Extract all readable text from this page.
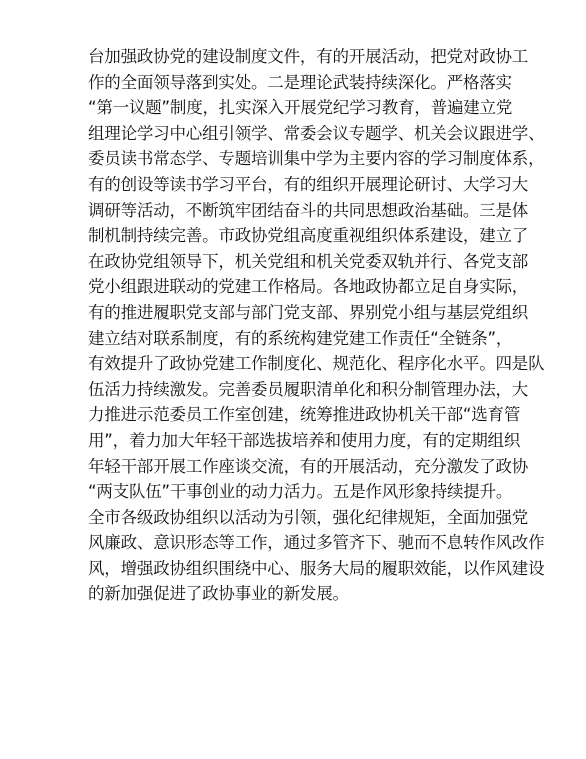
台加强政协党的建设制度文件，有的开展活动，把党对政协工
作的全面领导落到实处。二是理论武装持续深化。严格落实
“第一议题”制度，扎实深入开展党纪学习教育，普遍建立党
组理论学习中心组引领学、常委会议专题学、机关会议跟进学、
委员读书常态学、专题培训集中学为主要内容的学习制度体系，
有的创设等读书学习平台，有的组织开展理论研讨、大学习大
调研等活动，不断筑牢团结奋斗的共同思想政治基础。三是体
制机制持续完善。市政协党组高度重视组织体系建设，建立了
在政协党组领导下，机关党组和机关党委双轨并行、各党支部
党小组跟进联动的党建工作格局。各地政协都立足自身实际，
有的推进履职党支部与部门党支部、界别党小组与基层党组织
建立结对联系制度，有的系统构建党建工作责任“全链条”，
有效提升了政协党建工作制度化、规范化、程序化水平。四是队
伍活力持续激发。完善委员履职清单化和积分制管理办法，大
力推进示范委员工作室创建，统筹推进政协机关干部“选育管
用”，着力加大年轻干部选拔培养和使用力度，有的定期组织
年轻干部开展工作座谈交流，有的开展活动，充分激发了政协
“两支队伍”干事创业的动力活力。五是作风形象持续提升。
全市各级政协组织以活动为引领，强化纪律规矩，全面加强党
风廉政、意识形态等工作，通过多管齐下、驰而不息转作风改作
风，增强政协组织围绕中心、服务大局的履职效能，以作风建设
的新加强促进了政协事业的新发展。
